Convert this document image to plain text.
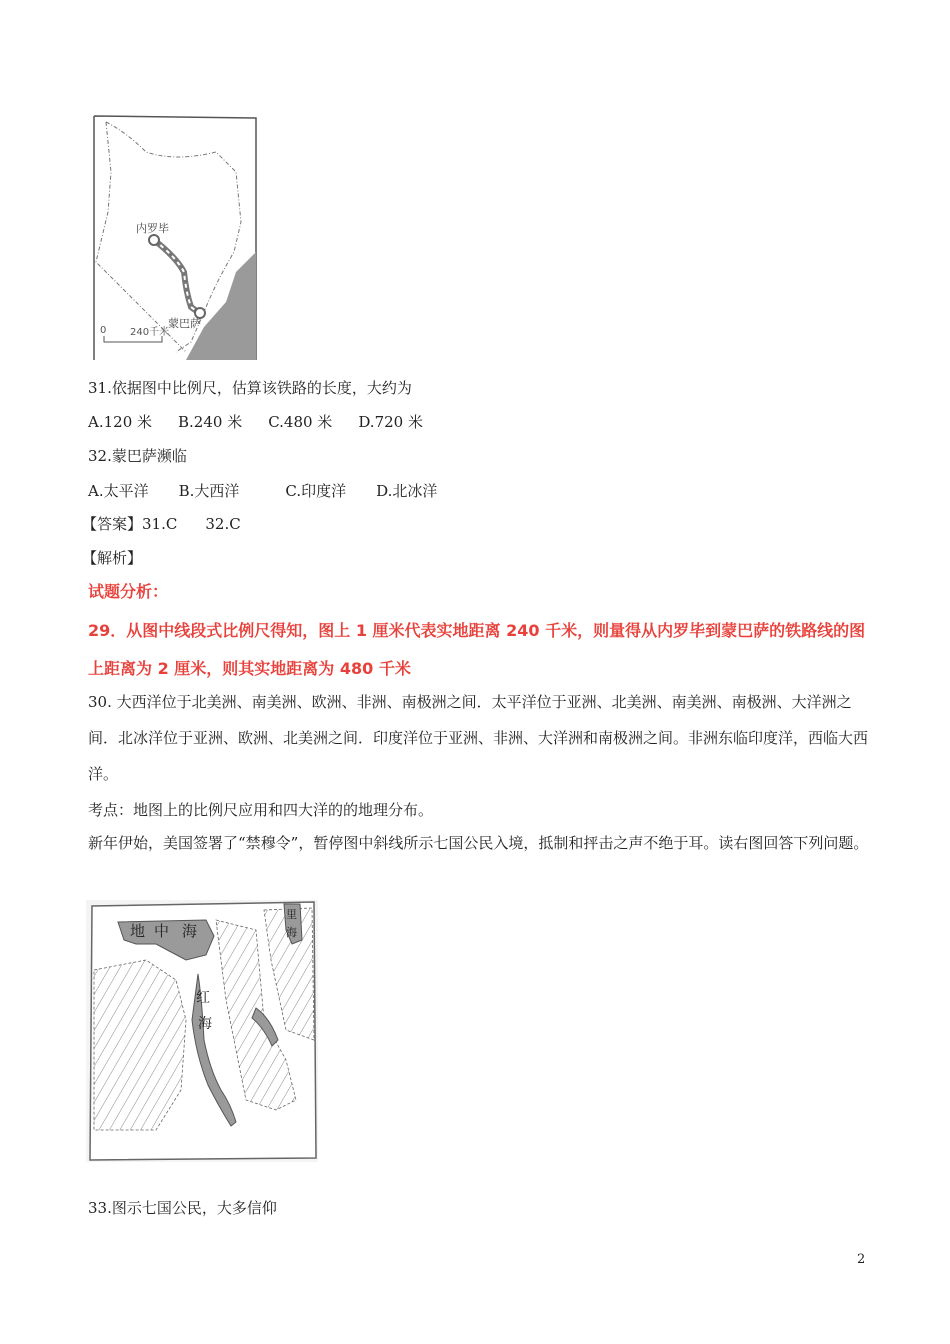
内罗毕
蒙巴萨
0 240千米
31.依据图中比例尺，估算该铁路的长度，大约为
A.120 米 B.240 米 C.480 米 D.720 米
32.蒙巴萨濒临
A.太平洋 B.大西洋	C.印度洋 D.北冰洋
【答案】31.C 32.C
【解析】
试题分析：
29．从图中线段式比例尺得知，图上 1 厘米代表实地距离 240 千米，则量得从内罗毕到蒙巴萨的铁路线的图上距离为 2 厘米，则其实地距离为 480 千米
30. 大西洋位于北美洲、南美洲、欧洲、非洲、南极洲之间．太平洋位于亚洲、北美洲、南美洲、南极洲、大洋洲之间．北冰洋位于亚洲、欧洲、北美洲之间．印度洋位于亚洲、非洲、大洋洲和南极洲之间。非洲东临印度洋，西临大西洋。
考点：地图上的比例尺应用和四大洋的的地理分布。
新年伊始，美国签署了“禁穆令”，暂停图中斜线所示七国公民入境，抵制和抨击之声不绝于耳。读右图回答下列问题。
地 中 海
红
海
里
海
33.图示七国公民，大多信仰
2
